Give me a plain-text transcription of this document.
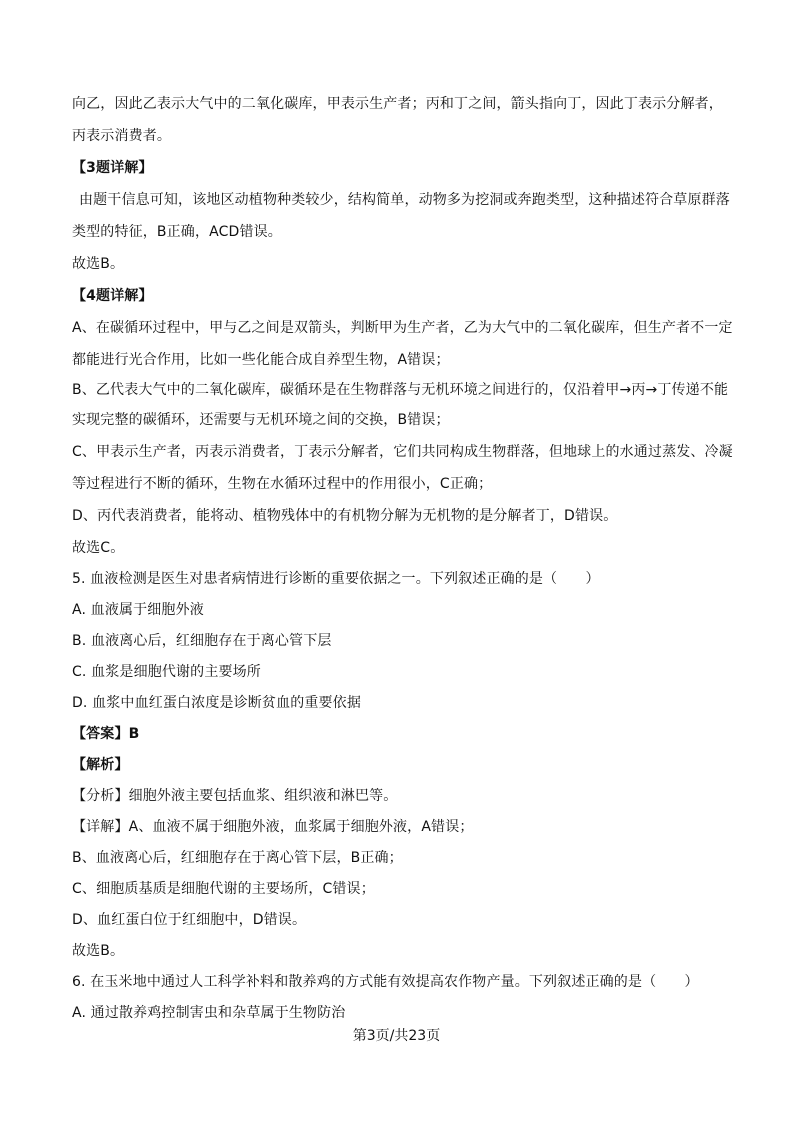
向乙，因此乙表示大气中的二氧化碳库，甲表示生产者；丙和丁之间，箭头指向丁，因此丁表示分解者，
丙表示消费者。
【3题详解】
由题干信息可知，该地区动植物种类较少，结构简单，动物多为挖洞或奔跑类型，这种描述符合草原群落
类型的特征，B正确，ACD错误。
故选B。
【4题详解】
A、在碳循环过程中，甲与乙之间是双箭头，判断甲为生产者，乙为大气中的二氧化碳库，但生产者不一定
都能进行光合作用，比如一些化能合成自养型生物，A错误；
B、乙代表大气中的二氧化碳库，碳循环是在生物群落与无机环境之间进行的，仅沿着甲→丙→丁传递不能
实现完整的碳循环，还需要与无机环境之间的交换，B错误；
C、甲表示生产者，丙表示消费者，丁表示分解者，它们共同构成生物群落，但地球上的水通过蒸发、冷凝
等过程进行不断的循环，生物在水循环过程中的作用很小，C正确；
D、丙代表消费者，能将动、植物残体中的有机物分解为无机物的是分解者丁，D错误。
故选C。
5. 血液检测是医生对患者病情进行诊断的重要依据之一。下列叙述正确的是（　　）
A. 血液属于细胞外液
B. 血液离心后，红细胞存在于离心管下层
C. 血浆是细胞代谢的主要场所
D. 血浆中血红蛋白浓度是诊断贫血的重要依据
【答案】B
【解析】
【分析】细胞外液主要包括血浆、组织液和淋巴等。
【详解】A、血液不属于细胞外液，血浆属于细胞外液，A错误；
B、血液离心后，红细胞存在于离心管下层，B正确；
C、细胞质基质是细胞代谢的主要场所，C错误；
D、血红蛋白位于红细胞中，D错误。
故选B。
6. 在玉米地中通过人工科学补料和散养鸡的方式能有效提高农作物产量。下列叙述正确的是（　　）
A. 通过散养鸡控制害虫和杂草属于生物防治
第3页/共23页
